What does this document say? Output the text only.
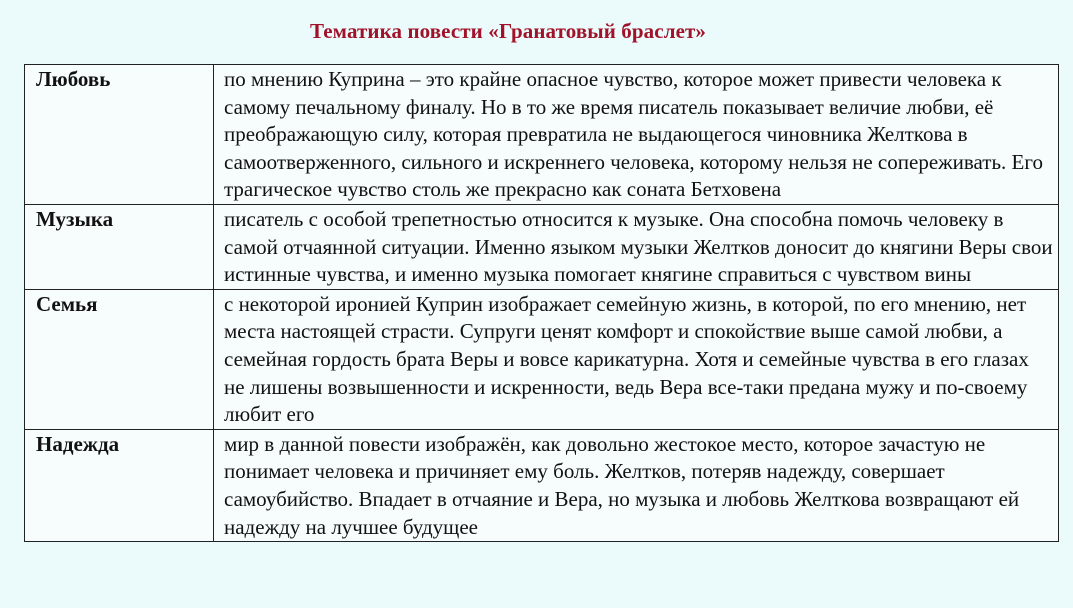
Тематика повести «Гранатовый браслет»
Любовь	по мнению Куприна – это крайне опасное чувство, которое может привести человека к самому печальному финалу. Но в то же время писатель показывает величие любви, её преображающую силу, которая превратила не выдающегося чиновника Желткова в самоотверженного, сильного и искреннего человека, которому нельзя не сопереживать. Его трагическое чувство столь же прекрасно как соната Бетховена
Музыка	писатель с особой трепетностью относится к музыке. Она способна помочь человеку в самой отчаянной ситуации. Именно языком музыки Желтков доносит до княгини Веры свои истинные чувства, и именно музыка помогает княгине справиться с чувством вины
Семья	с некоторой иронией Куприн изображает семейную жизнь, в которой, по его мнению, нет места настоящей страсти. Супруги ценят комфорт и спокойствие выше самой любви, а семейная гордость брата Веры и вовсе карикатурна. Хотя и семейные чувства в его глазах не лишены возвышенности и искренности, ведь Вера все-таки предана мужу и по-своему любит его
Надежда	мир в данной повести изображён, как довольно жестокое место, которое зачастую не понимает человека и причиняет ему боль. Желтков, потеряв надежду, совершает самоубийство. Впадает в отчаяние и Вера, но музыка и любовь Желткова возвращают ей надежду на лучшее будущее
